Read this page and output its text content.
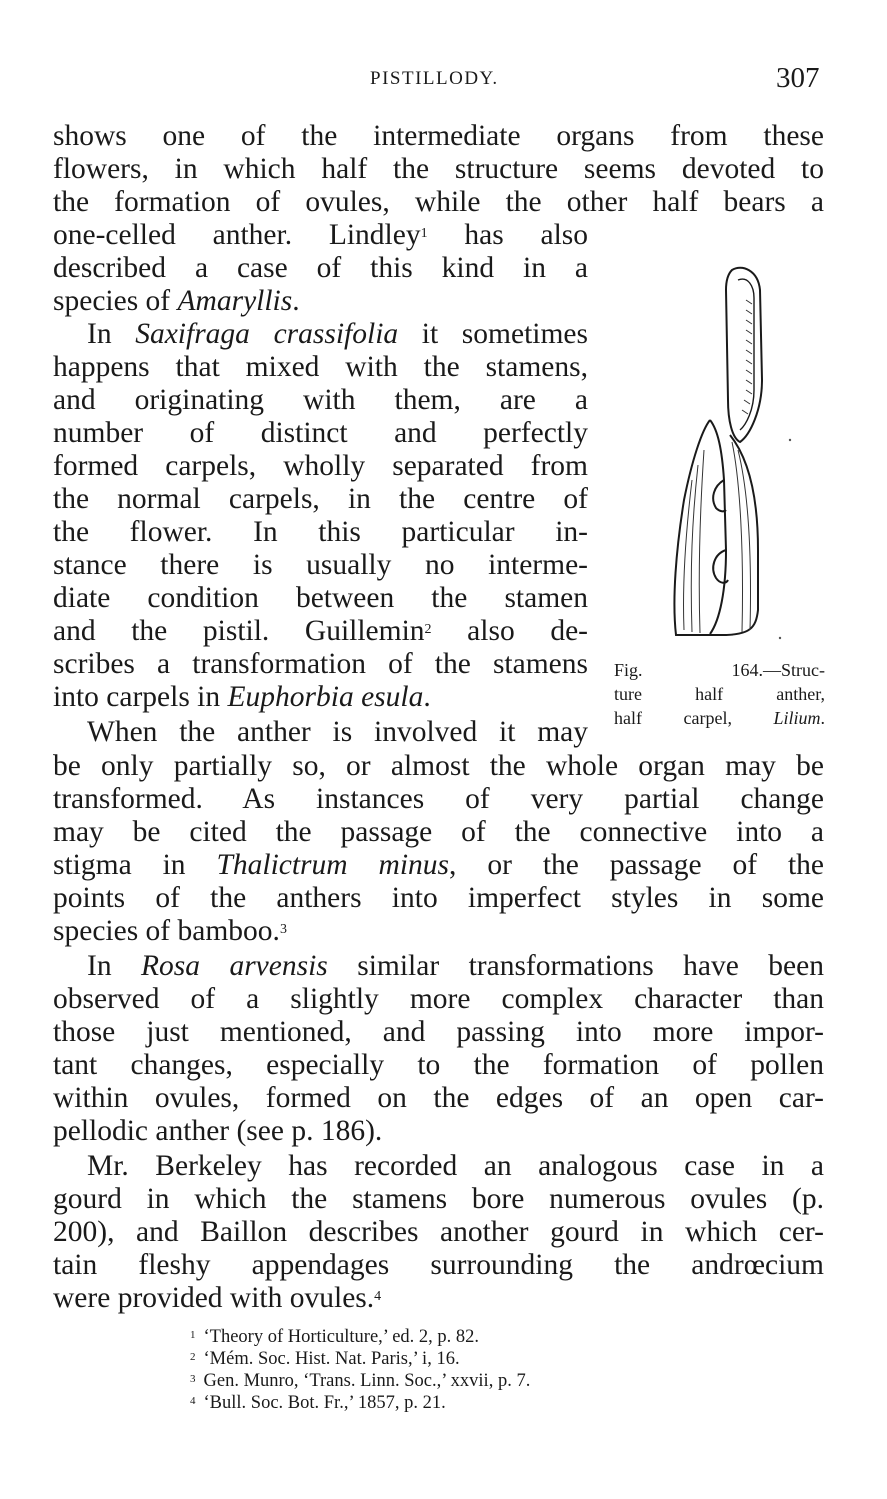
PISTILLODY.	307
shows one of the intermediate organs from these
flowers, in which half the structure seems devoted to
the formation of ovules, while the other half bears a
one-celled anther. Lindley$^1$ has also
described a case of this kind in a
species of Amaryllis.
In Saxifraga crassifolia it sometimes
happens that mixed with the stamens,
and originating with them, are a
number of distinct and perfectly
formed carpels, wholly separated from
the normal carpels, in the centre of
the flower. In this particular in-
stance there is usually no interme-
diate condition between the stamen
and the pistil. Guillemin$^2$ also de-
scribes a transformation of the stamens
into carpels in Euphorbia esula.
When the anther is involved it may
be only partially so, or almost the whole organ may be
transformed. As instances of very partial change
may be cited the passage of the connective into a
stigma in Thalictrum minus, or the passage of the
points of the anthers into imperfect styles in some
species of bamboo.$^3$
In Rosa arvensis similar transformations have been
observed of a slightly more complex character than
those just mentioned, and passing into more impor-
tant changes, especially to the formation of pollen
within ovules, formed on the edges of an open car-
pellodic anther (see p. 186).
Mr. Berkeley has recorded an analogous case in a
gourd in which the stamens bore numerous ovules (p.
200), and Baillon describes another gourd in which cer-
tain fleshy appendages surrounding the andrœcium
were provided with ovules.$^4$
Fig. 164.—Struc-
ture half anther,
half carpel, Lilium.
$^1$ ‘Theory of Horticulture,’ ed. 2, p. 82.
$^2$ ‘Mém. Soc. Hist. Nat. Paris,’ i, 16.
$^3$ Gen. Munro, ‘Trans. Linn. Soc.,’ xxvii, p. 7.
$^4$ ‘Bull. Soc. Bot. Fr.,’ 1857, p. 21.
